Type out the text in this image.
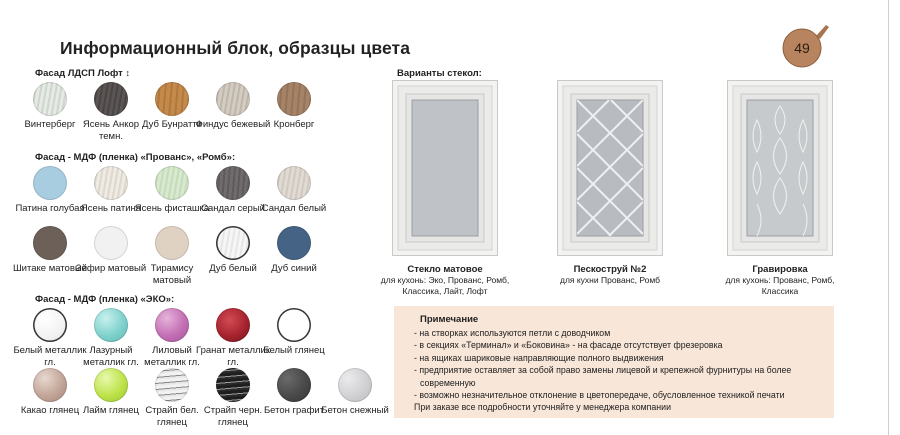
Информационный блок, образцы цвета	49
Фасад ЛДСП Лофт ↕
Фасад - МДФ (пленка) «Прованс», «Ромб»:
Фасад - МДФ (пленка) «ЭКО»:
Винтерберг Ясень Анкор темн.
Дуб Бунратти
Финдус бежевый Кронберг
Патина голубая
Ясень патина
Ясень фисташка
Сандал серый
Сандал белый
Шитаке матовый
Зефир матовый Тирамису матовый
Дуб белый	Дуб синий
Белый металлик гл.
Лазурный металлик гл.
Лиловый металлик гл.
Гранат металлик гл.
Белый глянец
Какао глянец Лайм глянец Страйп бел. глянец
Страйп черн. глянец
Бетон графит
Бетон снежный
Варианты стекол:
Стекло матовое
для кухонь: Эко, Прованс, Ромб, Классика, Лайт, Лофт
Пескоструй №2
для кухни Прованс, Ромб
Гравировка
для кухонь: Прованс, Ромб, Классика
Примечание
- на створках используются петли с доводчиком
- в секциях «Терминал» и «Боковина» - на фасаде отсутствует фрезеровка
- на ящиках шариковые направляющие полного выдвижения
- предприятие оставляет за собой право замены лицевой и крепежной фурнитуры на более
современную
- возможно незначительное отклонение в цветопередаче, обусловленное техникой печати
При заказе все подробности уточняйте у менеджера компании
